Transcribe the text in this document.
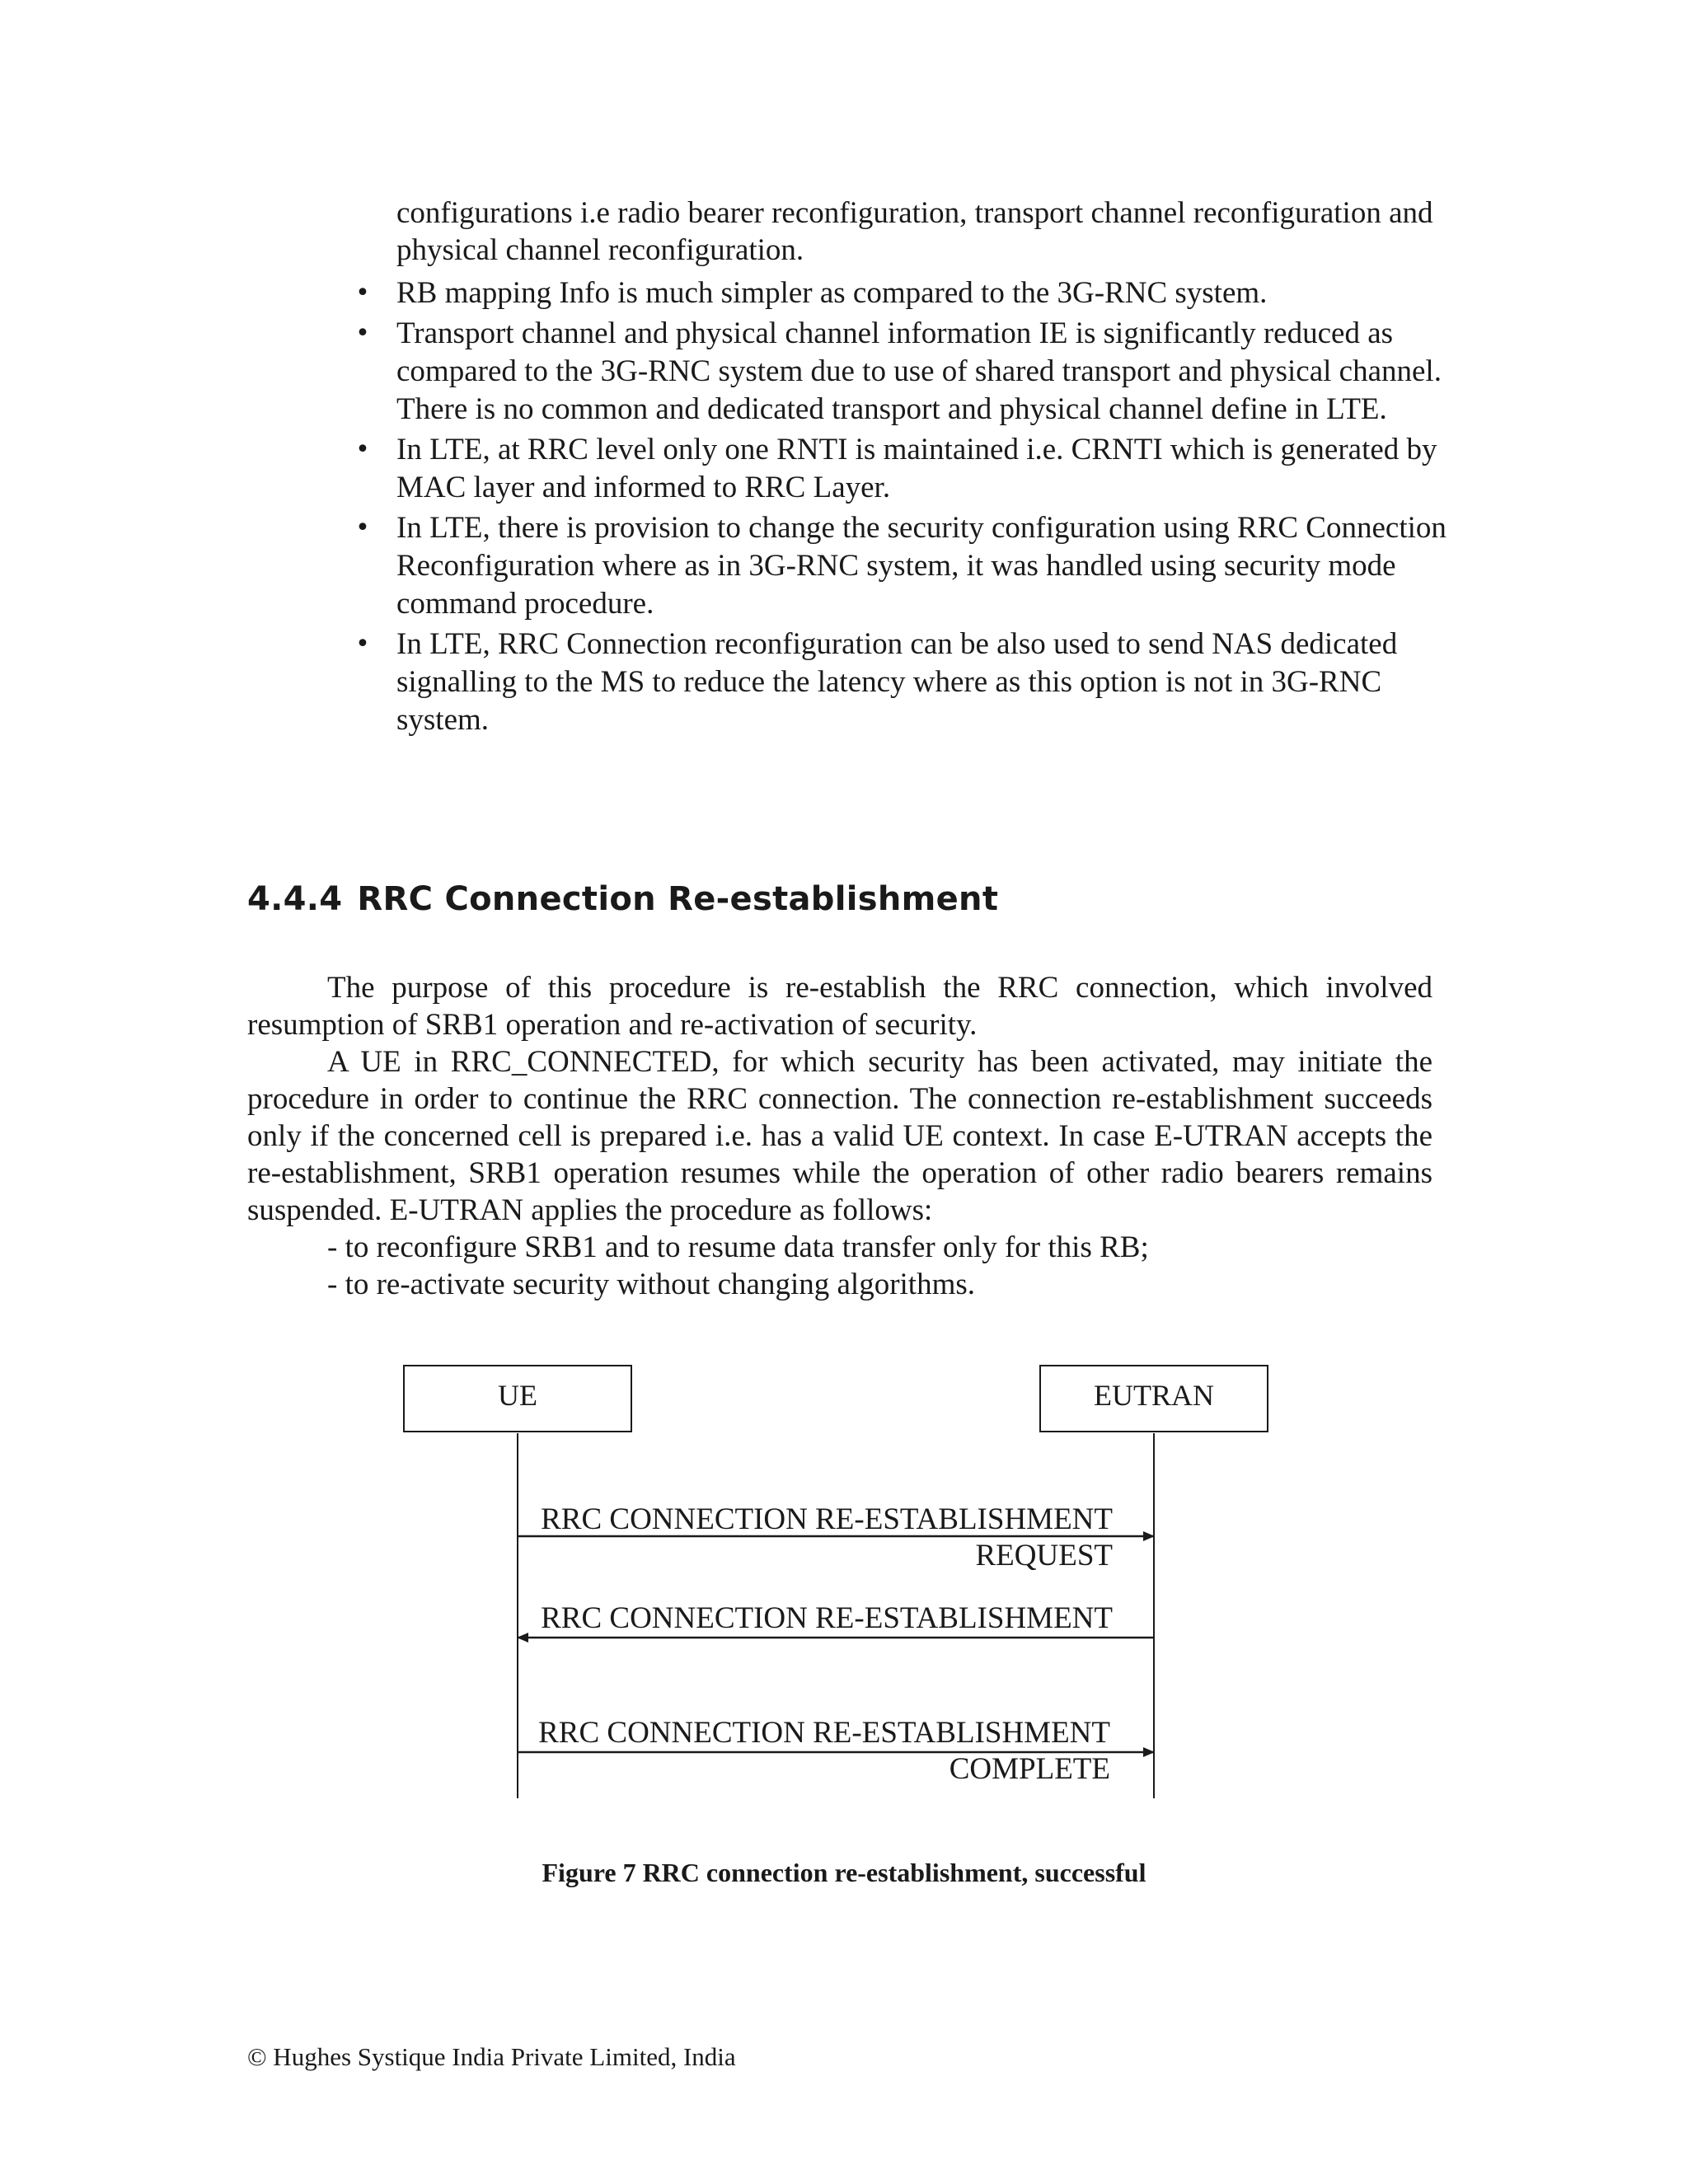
configurations i.e radio bearer reconfiguration, transport channel reconfiguration and physical channel reconfiguration.

• RB mapping Info is much simpler as compared to the 3G-RNC system.
• Transport channel and physical channel information IE is significantly reduced as compared to the 3G-RNC system due to use of shared transport and physical channel. There is no common and dedicated transport and physical channel define in LTE.
• In LTE, at RRC level only one RNTI is maintained i.e. CRNTI which is generated by MAC layer and informed to RRC Layer.
• In LTE, there is provision to change the security configuration using RRC Connection Reconfiguration where as in 3G-RNC system, it was handled using security mode command procedure.
• In LTE, RRC Connection reconfiguration can be also used to send NAS dedicated signalling to the MS to reduce the latency where as this option is not in 3G-RNC system.
4.4.4 RRC Connection Re-establishment

The purpose of this procedure is re-establish the RRC connection, which involved resumption of SRB1 operation and re-activation of security.

A UE in RRC_CONNECTED, for which security has been activated, may initiate the procedure in order to continue the RRC connection. The connection re-establishment succeeds only if the concerned cell is prepared i.e. has a valid UE context. In case E-UTRAN accepts the re-establishment, SRB1 operation resumes while the operation of other radio bearers remains suspended. E-UTRAN applies the procedure as follows:

- to reconfigure SRB1 and to resume data transfer only for this RB;

- to re-activate security without changing algorithms.

UE	EUTRAN
RRC CONNECTION RE-ESTABLISHMENT
REQUEST
RRC CONNECTION RE-ESTABLISHMENT
RRC CONNECTION RE-ESTABLISHMENT
COMPLETE
Figure 7 RRC connection re-establishment, successful
© Hughes Systique India Private Limited, India
